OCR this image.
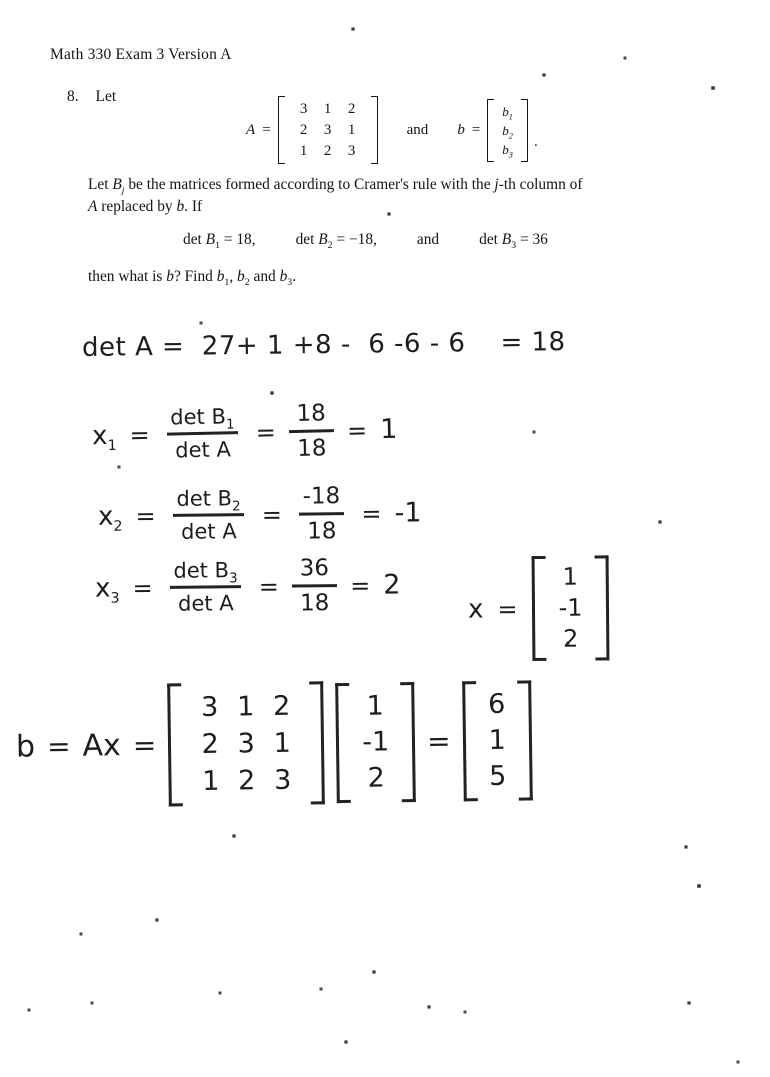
Math 330 Exam 3 Version A
8. Let
A =
3	1	2
2	3	1
1	2	3
and b =
$b_1$
$b_2$
$b_3$
.
Let $B_j$ be the matrices formed according to Cramer's rule with the j-th column of
A replaced by b. If
$\det B_1 = 18$,	$\det B_2 = -18$,	and	$\det B_3 = 36$
then what is b? Find $b_1$, $b_2$ and $b_3$.
det A =  27+ 1 +8 -  6 -6 - 6    = 18
$x_1 = \frac{\det B_1}{\text{det A}} = \frac{18}{18} = 1$
$x_2 = \frac{\det B_2}{\text{det A}} = \frac{-18}{18} = -1$
$x_3 = \frac{\det B_3}{\text{det A}} = \frac{36}{18} = 2$
x =
1
-1
2
b = Ax =
3 1 2
2 3 1
1 2 3
1
-1
2
=
6
1
5
